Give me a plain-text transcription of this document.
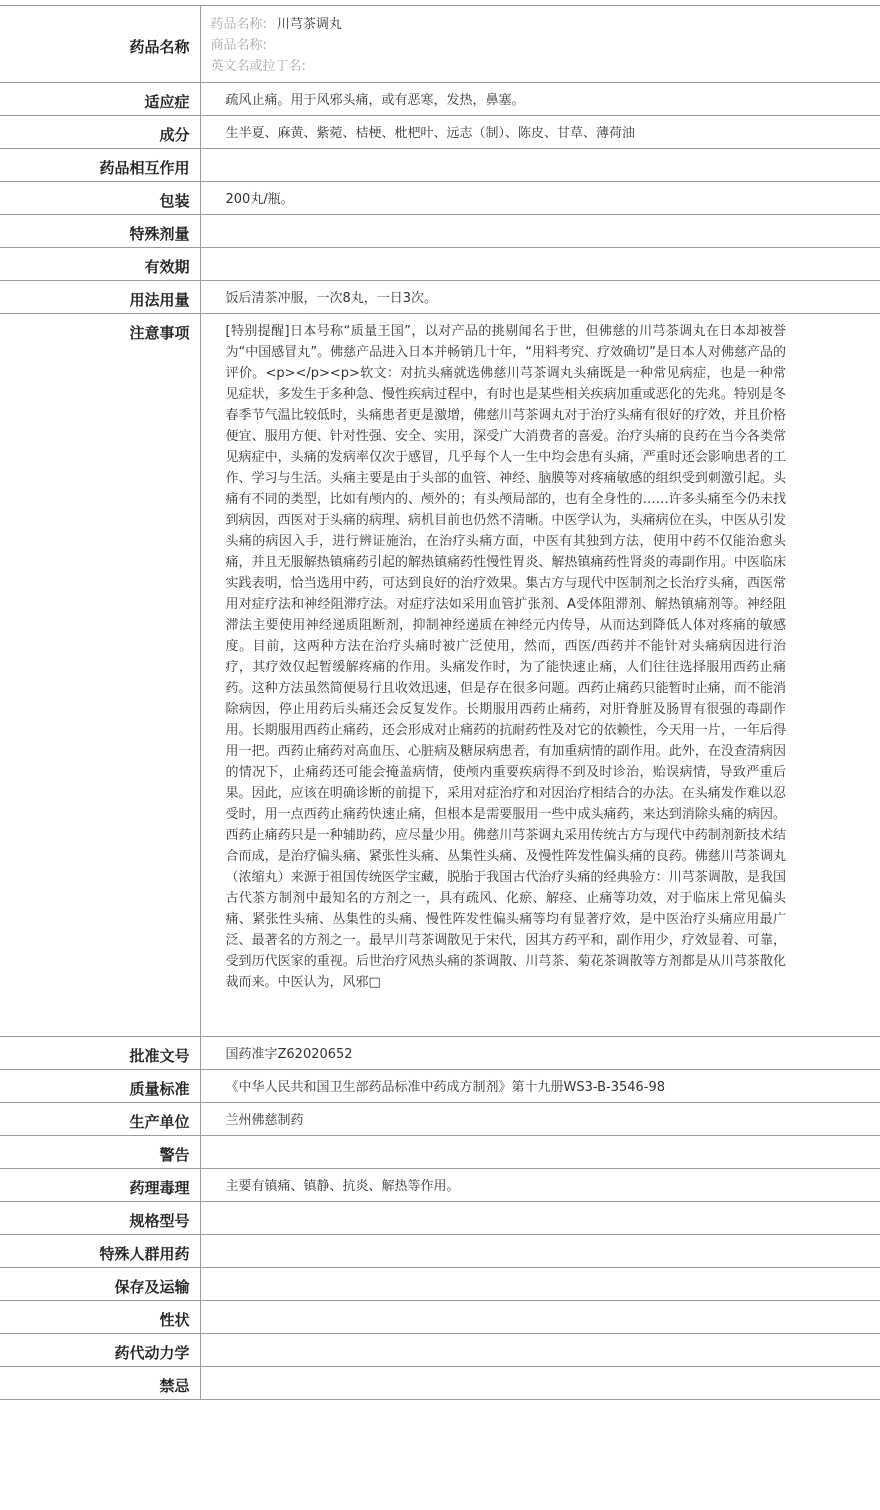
药品名称	药品名称: 川芎茶调丸
商品名称:
英文名或拉丁名:

适应症	疏风止痛。用于风邪头痛，或有恶寒，发热，鼻塞。
成分	生半夏、麻黄、紫菀、桔梗、枇杷叶、远志（制）、陈皮、甘草、薄荷油
药品相互作用	
包装	200丸/瓶。
特殊剂量	
有效期	
用法用量	饭后清茶冲服，一次8丸，一日3次。
注意事项	[特别提醒]日本号称“质量王国”，以对产品的挑剔闻名于世，但佛慈的川芎茶调丸在日本却被誉为“中国感冒丸”。佛慈产品进入日本并畅销几十年，“用料考究、疗效确切”是日本人对佛慈产品的评价。<p></p><p>软文：对抗头痛就选佛慈川芎茶调丸头痛既是一种常见病症，也是一种常见症状，多发生于多种急、慢性疾病过程中，有时也是某些相关疾病加重或恶化的先兆。特别是冬春季节气温比较低时，头痛患者更是激增，佛慈川芎茶调丸对于治疗头痛有很好的疗效，并且价格便宜、服用方便、针对性强、安全、实用，深受广大消费者的喜爱。治疗头痛的良药在当今各类常见病症中，头痛的发病率仅次于感冒，几乎每个人一生中均会患有头痛，严重时还会影响患者的工作、学习与生活。头痛主要是由于头部的血管、神经、脑膜等对疼痛敏感的组织受到刺激引起。头痛有不同的类型，比如有颅内的、颅外的；有头颅局部的，也有全身性的……许多头痛至今仍未找到病因，西医对于头痛的病理、病机目前也仍然不清晰。中医学认为，头痛病位在头，中医从引发头痛的病因入手，进行辨证施治，在治疗头痛方面，中医有其独到方法，使用中药不仅能治愈头痛，并且无服解热镇痛药引起的解热镇痛药性慢性胃炎、解热镇痛药性肾炎的毒副作用。中医临床实践表明，恰当选用中药，可达到良好的治疗效果。集古方与现代中医制剂之长治疗头痛，西医常用对症疗法和神经阻滞疗法。对症疗法如采用血管扩张剂、A受体阻滞剂、解热镇痛剂等。神经阻滞法主要使用神经递质阻断剂，抑制神经递质在神经元内传导，从而达到降低人体对疼痛的敏感度。目前，这两种方法在治疗头痛时被广泛使用，然而，西医/西药并不能针对头痛病因进行治疗，其疗效仅起暂缓解疼痛的作用。头痛发作时，为了能快速止痛，人们往往选择服用西药止痛药。这种方法虽然简便易行且收效迅速，但是存在很多问题。西药止痛药只能暂时止痛，而不能消除病因，停止用药后头痛还会反复发作。长期服用西药止痛药，对肝脊脏及肠胃有很强的毒副作用。长期服用西药止痛药，还会形成对止痛药的抗耐药性及对它的依赖性，今天用一片，一年后得用一把。西药止痛药对高血压、心脏病及糖尿病患者，有加重病情的副作用。此外，在没查清病因的情况下，止痛药还可能会掩盖病情，使颅内重要疾病得不到及时诊治，贻误病情，导致严重后果。因此，应该在明确诊断的前提下，采用对症治疗和对因治疗相结合的办法。在头痛发作难以忍受时，用一点西药止痛药快速止痛，但根本是需要服用一些中成头痛药，来达到消除头痛的病因。西药止痛药只是一种辅助药，应尽量少用。佛慈川芎茶调丸采用传统古方与现代中药制剂新技术结合而成，是治疗偏头痛、紧张性头痛、丛集性头痛、及慢性阵发性偏头痛的良药。佛慈川芎茶调丸（浓缩丸）来源于祖国传统医学宝藏，脱胎于我国古代治疗头痛的经典验方：川芎茶调散，是我国古代茶方制剂中最知名的方剂之一，具有疏风、化瘀、解痉、止痛等功效，对于临床上常见偏头痛、紧张性头痛、丛集性的头痛、慢性阵发性偏头痛等均有显著疗效，是中医治疗头痛应用最广泛、最著名的方剂之一。最早川芎茶调散见于宋代，因其方药平和，副作用少，疗效显着、可靠，受到历代医家的重视。后世治疗风热头痛的茶调散、川芎茶、菊花茶调散等方剂都是从川芎茶散化裁而来。中医认为，风邪□
批准文号	国药准字Z62020652
质量标准	《中华人民共和国卫生部药品标准中药成方制剂》第十九册WS3-B-3546-98
生产单位	兰州佛慈制药
警告	
药理毒理	主要有镇痛、镇静、抗炎、解热等作用。
规格型号	
特殊人群用药	
保存及运输	
性状	
药代动力学	
禁忌	
